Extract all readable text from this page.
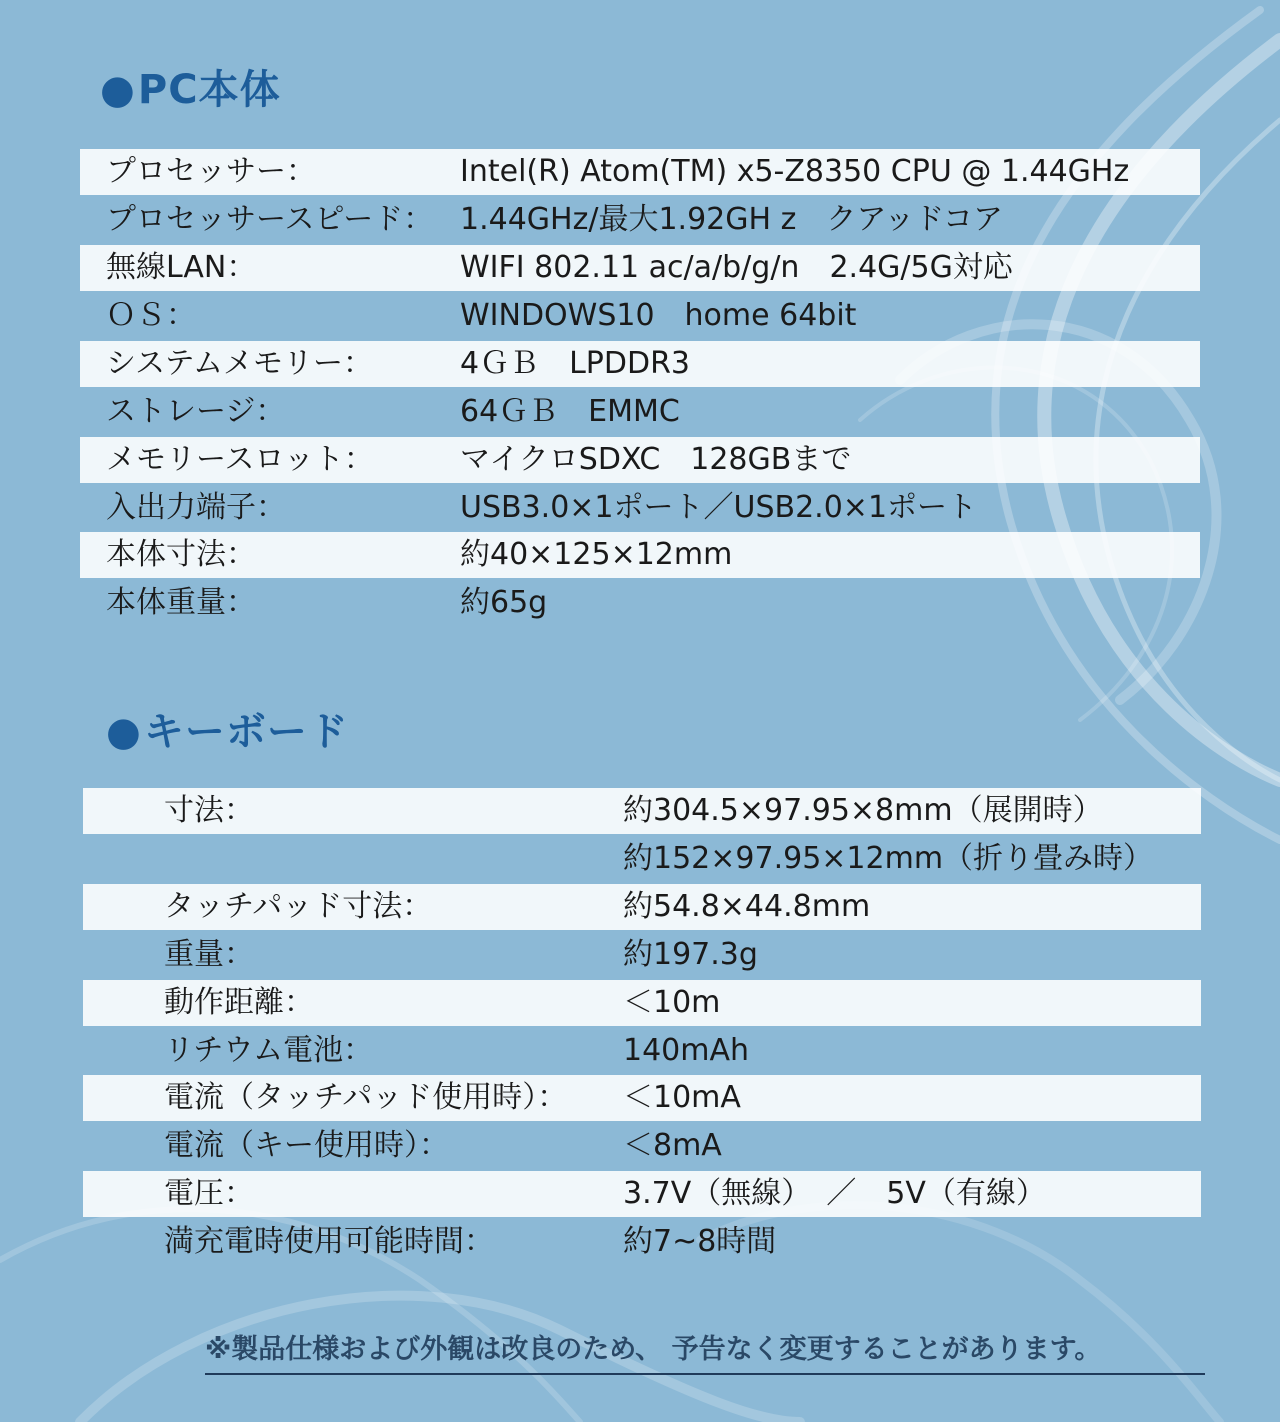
●PC本体
プロセッサー：	Intel(R) Atom(TM) x5-Z8350 CPU @ 1.44GHz
プロセッサースピード： 1.44GHz/最大1.92GH z　クアッドコア
無線LAN：	WIFI 802.11 ac/a/b/g/n　2.4G/5G対応
ＯＳ：	WINDOWS10　home 64bit
システムメモリー：	4ＧＢ　LPDDR3
ストレージ：	64ＧＢ　EMMC
メモリースロット：	マイクロSDXC　128GBまで
入出力端子：	USB3.0×1ポート／USB2.0×1ポート
本体寸法：	約40×125×12mm
本体重量：	約65g
●キーボード
寸法：	約304.5×97.95×8mm（展開時）
約152×97.95×12mm（折り畳み時）
タッチパッド寸法：	約54.8×44.8mm
重量：	約197.3g
動作距離：	＜10m
リチウム電池：	140mAh
電流（タッチパッド使用時）： ＜10mA
電流（キー使用時）：	＜8mA
電圧：	3.7V（無線）　／　5V（有線）
満充電時使用可能時間：	約7~8時間
※製品仕様および外観は改良のため、 予告なく変更することがあります。
